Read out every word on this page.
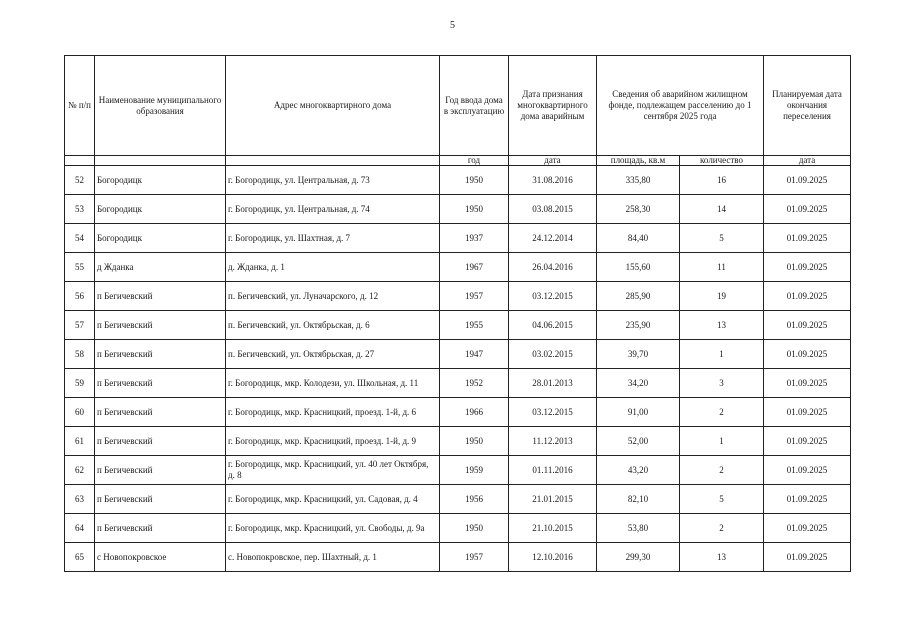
5
№ п/п	Наименование муниципального образования	Адрес многоквартирного дома	Год ввода дома в эксплуатацию	Дата признания многоквартирного дома аварийным	Сведения об аварийном жилищном фонде, подлежащем расселению до 1 сентября 2025 года		Планируемая дата окончания переселения
			год	дата	площадь, кв.м	количество	дата
52	Богородицк	г. Богородицк, ул. Центральная, д. 73	1950	31.08.2016	335,80	16	01.09.2025
53	Богородицк	г. Богородицк, ул. Центральная, д. 74	1950	03.08.2015	258,30	14	01.09.2025
54	Богородицк	г. Богородицк, ул. Шахтная, д. 7	1937	24.12.2014	84,40	5	01.09.2025
55	д Жданка	д. Жданка, д. 1	1967	26.04.2016	155,60	11	01.09.2025
56	п Бегичевский	п. Бегичевский, ул. Луначарского, д. 12	1957	03.12.2015	285,90	19	01.09.2025
57	п Бегичевский	п. Бегичевский, ул. Октябрьская, д. 6	1955	04.06.2015	235,90	13	01.09.2025
58	п Бегичевский	п. Бегичевский, ул. Октябрьская, д. 27	1947	03.02.2015	39,70	1	01.09.2025
59	п Бегичевский	г. Богородицк, мкр. Колодези, ул. Школьная, д. 11	1952	28.01.2013	34,20	3	01.09.2025
60	п Бегичевский	г. Богородицк, мкр. Красницкий, проезд. 1-й, д. 6	1966	03.12.2015	91,00	2	01.09.2025
61	п Бегичевский	г. Богородицк, мкр. Красницкий, проезд. 1-й, д. 9	1950	11.12.2013	52,00	1	01.09.2025
62	п Бегичевский	г. Богородицк, мкр. Красницкий, ул. 40 лет Октября, д. 8	1959	01.11.2016	43,20	2	01.09.2025
63	п Бегичевский	г. Богородицк, мкр. Красницкий, ул. Садовая, д. 4	1956	21.01.2015	82,10	5	01.09.2025
64	п Бегичевский	г. Богородицк, мкр. Красницкий, ул. Свободы, д. 9а	1950	21.10.2015	53,80	2	01.09.2025
65	с Новопокровское	с. Новопокровское, пер. Шахтный, д. 1	1957	12.10.2016	299,30	13	01.09.2025
